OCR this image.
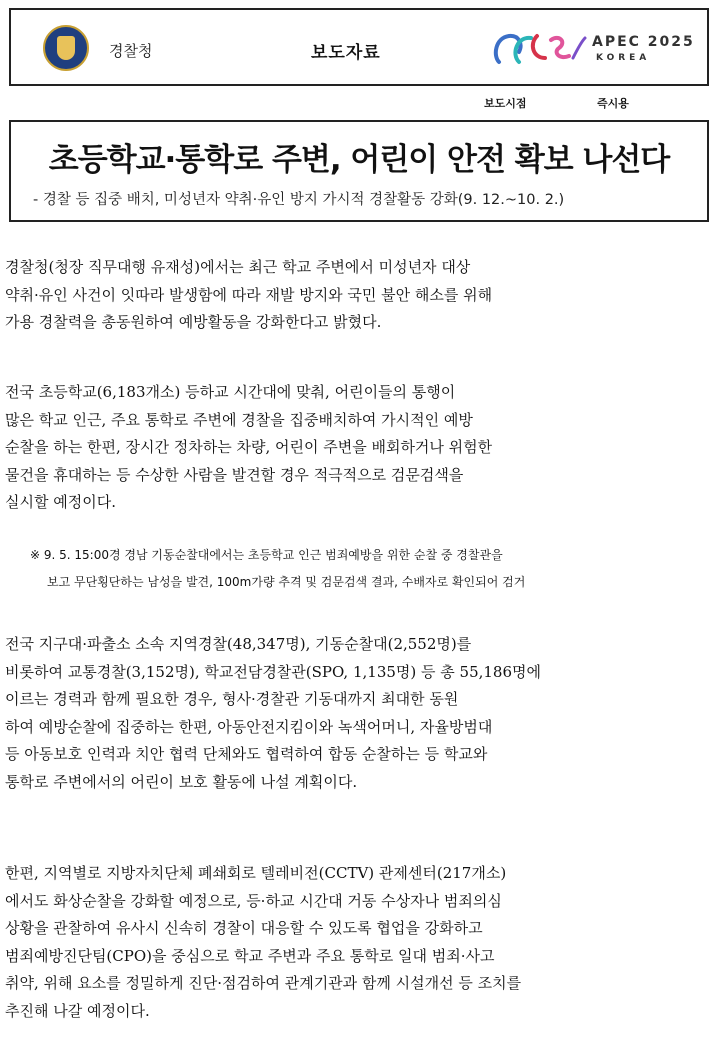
경찰청	보도자료
APEC 2025
KOREA
보도시점	즉시용
초등학교·통학로 주변, 어린이 안전 확보 나선다
- 경찰 등 집중 배치, 미성년자 약취·유인 방지 가시적 경찰활동 강화(9. 12.~10. 2.)
경찰청(청장 직무대행 유재성)에서는 최근 학교 주변에서 미성년자 대상
약취·유인 사건이 잇따라 발생함에 따라 재발 방지와 국민 불안 해소를 위해
가용 경찰력을 총동원하여 예방활동을 강화한다고 밝혔다.
전국 초등학교(6,183개소) 등하교 시간대에 맞춰, 어린이들의 통행이
많은 학교 인근, 주요 통학로 주변에 경찰을 집중배치하여 가시적인 예방
순찰을 하는 한편, 장시간 정차하는 차량, 어린이 주변을 배회하거나 위험한
물건을 휴대하는 등 수상한 사람을 발견할 경우 적극적으로 검문검색을
실시할 예정이다.
※ 9. 5. 15:00경 경남 기동순찰대에서는 초등학교 인근 범죄예방을 위한 순찰 중 경찰관을
보고 무단횡단하는 남성을 발견, 100m가량 추격 및 검문검색 결과, 수배자로 확인되어 검거
전국 지구대·파출소 소속 지역경찰(48,347명), 기동순찰대(2,552명)를
비롯하여 교통경찰(3,152명), 학교전담경찰관(SPO, 1,135명) 등 총 55,186명에
이르는 경력과 함께 필요한 경우, 형사·경찰관 기동대까지 최대한 동원
하여 예방순찰에 집중하는 한편, 아동안전지킴이와 녹색어머니, 자율방범대
등 아동보호 인력과 치안 협력 단체와도 협력하여 합동 순찰하는 등 학교와
통학로 주변에서의 어린이 보호 활동에 나설 계획이다.
한편, 지역별로 지방자치단체 폐쇄회로 텔레비전(CCTV) 관제센터(217개소)
에서도 화상순찰을 강화할 예정으로, 등·하교 시간대 거동 수상자나 범죄의심
상황을 관찰하여 유사시 신속히 경찰이 대응할 수 있도록 협업을 강화하고
범죄예방진단팀(CPO)을 중심으로 학교 주변과 주요 통학로 일대 범죄·사고
취약, 위해 요소를 정밀하게 진단·점검하여 관계기관과 함께 시설개선 등 조치를
추진해 나갈 예정이다.
